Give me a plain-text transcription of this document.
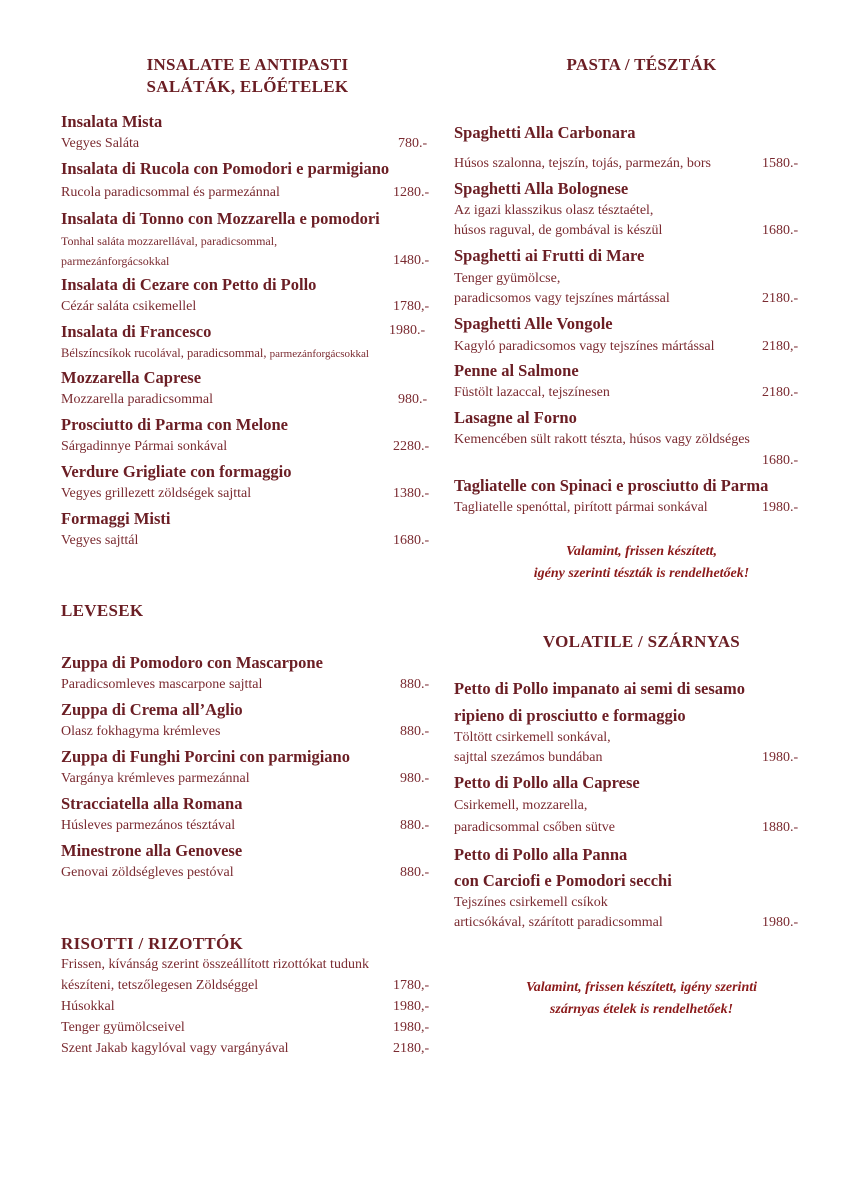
INSALATE E ANTIPASTI
SALÁTÁK, ELŐÉTELEK
Insalata Mista
Vegyes Saláta	780.-
Insalata di Rucola con Pomodori e parmigiano
Rucola paradicsommal és parmezánnal	1280.-
Insalata di Tonno con Mozzarella e pomodori
Tonhal saláta mozzarellával, paradicsommal,
parmezánforgácsokkal	1480.-
Insalata di Cezare con Petto di Pollo
Cézár saláta csikemellel	1780,-
Insalata di Francesco	1980.-
Bélszíncsíkok rucolával, paradicsommal, parmezánforgácsokkal
Mozzarella Caprese
Mozzarella paradicsommal	980.-
Prosciutto di Parma con Melone
Sárgadinnye Pármai sonkával	2280.-
Verdure Grigliate con formaggio
Vegyes grillezett zöldségek sajttal	1380.-
Formaggi Misti
Vegyes sajttál	1680.-
LEVESEK
Zuppa di Pomodoro con Mascarpone
Paradicsomleves mascarpone sajttal	880.-
Zuppa di Crema all’Aglio
Olasz fokhagyma krémleves	880.-
Zuppa di Funghi Porcini con parmigiano
Vargánya krémleves parmezánnal	980.-
Stracciatella alla Romana
Húsleves parmezános tésztával	880.-
Minestrone alla Genovese
Genovai zöldségleves pestóval	880.-
RISOTTI / RIZOTTÓK
Frissen, kívánság szerint összeállított rizottókat tudunk
készíteni, tetszőlegesen Zöldséggel	1780,-
Húsokkal	1980,-
Tenger gyümölcseivel	1980,-
Szent Jakab kagylóval vagy vargányával	2180,-
PASTA / TÉSZTÁK
Spaghetti Alla Carbonara
Húsos szalonna, tejszín, tojás, parmezán, bors	1580.-
Spaghetti Alla Bolognese
Az igazi klasszikus olasz tésztaétel,
húsos raguval, de gombával is készül	1680.-
Spaghetti ai Frutti di Mare
Tenger gyümölcse,
paradicsomos vagy tejszínes mártással	2180.-
Spaghetti Alle Vongole
Kagyló paradicsomos vagy tejszínes mártással	2180,-
Penne al Salmone
Füstölt lazaccal, tejszínesen	2180.-
Lasagne al Forno
Kemencében sült rakott tészta, húsos vagy zöldséges
1680.-
Tagliatelle con Spinaci e prosciutto di Parma
Tagliatelle spenóttal, pirított pármai sonkával	1980.-
Valamint, frissen készített,
igény szerinti tészták is rendelhetőek!
VOLATILE / SZÁRNYAS
Petto di Pollo impanato ai semi di sesamo
ripieno di prosciutto e formaggio
Töltött csirkemell sonkával,
sajttal szezámos bundában	1980.-
Petto di Pollo alla Caprese
Csirkemell, mozzarella,
paradicsommal csőben sütve	1880.-
Petto di Pollo alla Panna
con Carciofi e Pomodori secchi
Tejszínes csirkemell csíkok
articsókával, szárított paradicsommal	1980.-
Valamint, frissen készített, igény szerinti
szárnyas ételek is rendelhetőek!
